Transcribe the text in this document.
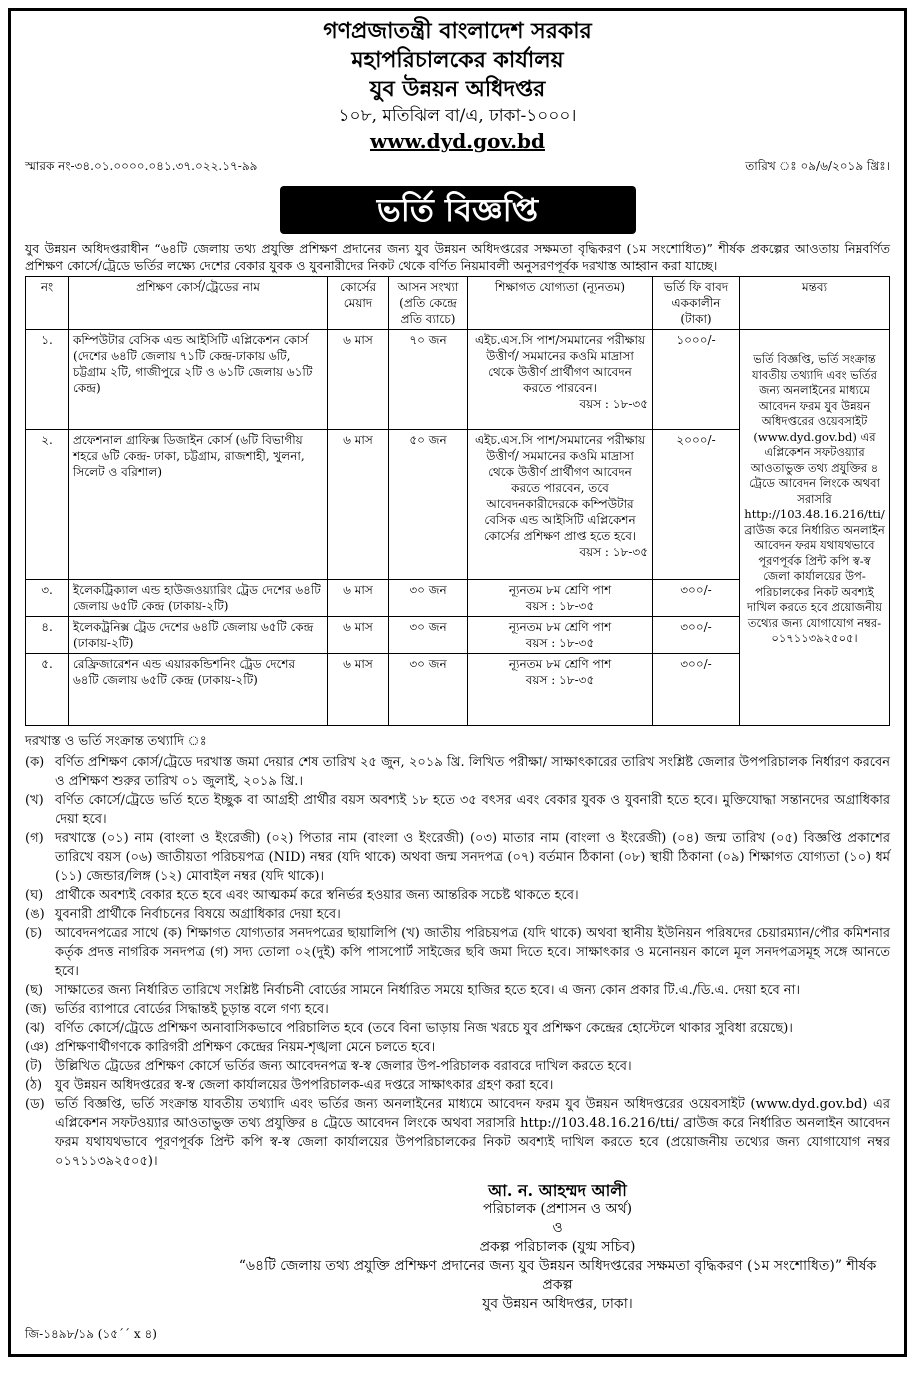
গণপ্রজাতন্ত্রী বাংলাদেশ সরকার
মহাপরিচালকের কার্যালয়
যুব উন্নয়ন অধিদপ্তর
১০৮, মতিঝিল বা/এ, ঢাকা-১০০০।
www.dyd.gov.bd
স্মারক নং-৩৪.০১.০০০০.০৪১.৩৭.০২২.১৭-৯৯	তারিখ ঃ ০৯/৬/২০১৯ খ্রিঃ।
ভর্তি বিজ্ঞপ্তি
যুব উন্নয়ন অধিদপ্তরাধীন “৬৪টি জেলায় তথ্য প্রযুক্তি প্রশিক্ষণ প্রদানের জন্য যুব উন্নয়ন অধিদপ্তরের সক্ষমতা বৃদ্ধিকরণ (১ম সংশোধিত)” শীর্ষক প্রকল্পের আওতায় নিম্নবর্ণিত প্রশিক্ষণ কোর্সে/ট্রেডে ভর্তির লক্ষ্যে দেশের বেকার যুবক ও যুবনারীদের নিকট থেকে বর্ণিত নিয়মাবলী অনুসরণপূর্বক দরখাস্ত আহ্বান করা যাচ্ছে।
নং	প্রশিক্ষণ কোর্স/ট্রেডের নাম	কোর্সের মেয়াদ	আসন সংখ্যা (প্রতি কেন্দ্রে প্রতি ব্যাচে)	শিক্ষাগত যোগ্যতা (ন্যূনতম)	ভর্তি ফি বাবদ এককালীন (টাকা)	মন্তব্য
১.	কম্পিউটার বেসিক এন্ড আইসিটি এপ্লিকেশন কোর্স (দেশের ৬৪টি জেলায় ৭১টি কেন্দ্র-ঢাকায় ৬টি, চট্টগ্রাম ২টি, গাজীপুরে ২টি ও ৬১টি জেলায় ৬১টি কেন্দ্র)	৬ মাস	৭০ জন	এইচ.এস.সি পাশ/সমমানের পরীক্ষায় উত্তীর্ণ/ সমমানের কওমি মাদ্রাসা থেকে উত্তীর্ণ প্রার্থীগণ আবেদন করতে পারবেন।
বয়স : ১৮-৩৫	১০০০/-	ভর্তি বিজ্ঞপ্তি, ভর্তি সংক্রান্ত যাবতীয় তথ্যাদি এবং ভর্তির জন্য অনলাইনের মাধ্যমে আবেদন ফরম যুব উন্নয়ন অধিদপ্তরের ওয়েবসাইট (www.dyd.gov.bd) এর এপ্লিকেশন সফটওয়্যার আওতাভুক্ত তথ্য প্রযুক্তির ৪ ট্রেডে আবেদন লিংকে অথবা সরাসরি http://103.48.16.216/tti/ ব্রাউজ করে নির্ধারিত অনলাইন আবেদন ফরম যথাযথভাবে পূরণপূর্বক প্রিন্ট কপি স্ব-স্ব জেলা কার্যালয়ের উপ-পরিচালকের নিকট অবশ্যই দাখিল করতে হবে প্রয়োজনীয় তথ্যের জন্য যোগাযোগ নম্বর- ০১৭১১৩৯২৫০৫।
২.	প্রফেশনাল গ্রাফিক্স ডিজাইন কোর্স (৬টি বিভাগীয় শহরে ৬টি কেন্দ্র- ঢাকা, চট্টগ্রাম, রাজশাহী, খুলনা, সিলেট ও বরিশাল)	৬ মাস	৫০ জন	এইচ.এস.সি পাশ/সমমানের পরীক্ষায় উত্তীর্ণ/ সমমানের কওমি মাদ্রাসা থেকে উত্তীর্ণ প্রার্থীগণ আবেদন করতে পারবেন, তবে আবেদনকারীদেরকে কম্পিউটার বেসিক এন্ড আইসিটি এপ্লিকেশন কোর্সের প্রশিক্ষণ প্রাপ্ত হতে হবে।
বয়স : ১৮-৩৫	২০০০/-	
৩.	ইলেকট্রিক্যাল এন্ড হাউজওয়্যারিং ট্রেড দেশের ৬৪টি জেলায় ৬৫টি কেন্দ্র (ঢাকায়-২টি)	৬ মাস	৩০ জন	ন্যূনতম ৮ম শ্রেণি পাশ
বয়স : ১৮-৩৫	৩০০/-	
৪.	ইলেকট্রনিক্স ট্রেড দেশের ৬৪টি জেলায় ৬৫টি কেন্দ্র (ঢাকায়-২টি)	৬ মাস	৩০ জন	ন্যূনতম ৮ম শ্রেণি পাশ
বয়স : ১৮-৩৫	৩০০/-	
৫.	রেফ্রিজারেশন এন্ড এয়ারকন্ডিশনিং ট্রেড দেশের ৬৪টি জেলায় ৬৫টি কেন্দ্র (ঢাকায়-২টি)	৬ মাস	৩০ জন	ন্যূনতম ৮ম শ্রেণি পাশ
বয়স : ১৮-৩৫	৩০০/-	
দরখাস্ত ও ভর্তি সংক্রান্ত তথ্যাদি ঃ
(ক) বর্ণিত প্রশিক্ষণ কোর্স/ট্রেডে দরখাস্ত জমা দেয়ার শেষ তারিখ ২৫ জুন, ২০১৯ খ্রি. লিখিত পরীক্ষা/ সাক্ষাৎকারের তারিখ সংশ্লিষ্ট জেলার উপপরিচালক নির্ধারণ করবেন ও প্রশিক্ষণ শুরুর তারিখ ০১ জুলাই, ২০১৯ খ্রি.।
(খ) বর্ণিত কোর্সে/ট্রেডে ভর্তি হতে ইচ্ছুক বা আগ্রহী প্রার্থীর বয়স অবশ্যই ১৮ হতে ৩৫ বৎসর এবং বেকার যুবক ও যুবনারী হতে হবে। মুক্তিযোদ্ধা সন্তানদের অগ্রাধিকার দেয়া হবে।
(গ) দরখাস্তে (০১) নাম (বাংলা ও ইংরেজী) (০২) পিতার নাম (বাংলা ও ইংরেজী) (০৩) মাতার নাম (বাংলা ও ইংরেজী) (০৪) জন্ম তারিখ (০৫) বিজ্ঞপ্তি প্রকাশের তারিখে বয়স (০৬) জাতীয়তা পরিচয়পত্র (NID) নম্বর (যদি থাকে) অথবা জন্ম সনদপত্র (০৭) বর্তমান ঠিকানা (০৮) স্থায়ী ঠিকানা (০৯) শিক্ষাগত যোগ্যতা (১০) ধর্ম (১১) জেন্ডার/লিঙ্গ (১২) মোবাইল নম্বর (যদি থাকে)।
(ঘ) প্রার্থীকে অবশ্যই বেকার হতে হবে এবং আত্মকর্ম করে স্বনির্ভর হওয়ার জন্য আন্তরিক সচেষ্ট থাকতে হবে।
(ঙ) যুবনারী প্রার্থীকে নির্বাচনের বিষয়ে অগ্রাধিকার দেয়া হবে।
(চ) আবেদনপত্রের সাথে (ক) শিক্ষাগত যোগ্যতার সনদপত্রের ছায়ালিপি (খ) জাতীয় পরিচয়পত্র (যদি থাকে) অথবা স্থানীয় ইউনিয়ন পরিষদের চেয়ারম্যান/পৌর কমিশনার কর্তৃক প্রদত্ত নাগরিক সনদপত্র (গ) সদ্য তোলা ০২(দুই) কপি পাসপোর্ট সাইজের ছবি জমা দিতে হবে। সাক্ষাৎকার ও মনোনয়ন কালে মূল সনদপত্রসমূহ সঙ্গে আনতে হবে।
(ছ) সাক্ষাতের জন্য নির্ধারিত তারিখে সংশ্লিষ্ট নির্বাচনী বোর্ডের সামনে নির্ধারিত সময়ে হাজির হতে হবে। এ জন্য কোন প্রকার টি.এ./ডি.এ. দেয়া হবে না।
(জ) ভর্তির ব্যাপারে বোর্ডের সিদ্ধান্তই চূড়ান্ত বলে গণ্য হবে।
(ঝ) বর্ণিত কোর্সে/ট্রেডে প্রশিক্ষণ অনাবাসিকভাবে পরিচালিত হবে (তবে বিনা ভাড়ায় নিজ খরচে যুব প্রশিক্ষণ কেন্দ্রের হোস্টেলে থাকার সুবিধা রয়েছে)।
(ঞ) প্রশিক্ষণার্থীগণকে কারিগরী প্রশিক্ষণ কেন্দ্রের নিয়ম-শৃঙ্খলা মেনে চলতে হবে।
(ট) উল্লিখিত ট্রেডের প্রশিক্ষণ কোর্সে ভর্তির জন্য আবেদনপত্র স্ব-স্ব জেলার উপ-পরিচালক বরাবরে দাখিল করতে হবে।
(ঠ) যুব উন্নয়ন অধিদপ্তরের স্ব-স্ব জেলা কার্যালয়ের উপপরিচালক-এর দপ্তরে সাক্ষাৎকার গ্রহণ করা হবে।
(ড) ভর্তি বিজ্ঞপ্তি, ভর্তি সংক্রান্ত যাবতীয় তথ্যাদি এবং ভর্তির জন্য অনলাইনের মাধ্যমে আবেদন ফরম যুব উন্নয়ন অধিদপ্তরের ওয়েবসাইট (www.dyd.gov.bd) এর এপ্লিকেশন সফটওয়্যার আওতাভুক্ত তথ্য প্রযুক্তির ৪ ট্রেডে আবেদন লিংকে অথবা সরাসরি http://103.48.16.216/tti/ ব্রাউজ করে নির্ধারিত অনলাইন আবেদন ফরম যথাযথভাবে পূরণপূর্বক প্রিন্ট কপি স্ব-স্ব জেলা কার্যালয়ের উপপরিচালকের নিকট অবশ্যই দাখিল করতে হবে (প্রয়োজনীয় তথ্যের জন্য যোগাযোগ নম্বর ০১৭১১৩৯২৫০৫)।
আ. ন. আহম্মদ আলী
পরিচালক (প্রশাসন ও অর্থ)
ও
প্রকল্প পরিচালক (যুগ্ম সচিব)
“৬৪টি জেলায় তথ্য প্রযুক্তি প্রশিক্ষণ প্রদানের জন্য যুব উন্নয়ন অধিদপ্তরের সক্ষমতা বৃদ্ধিকরণ (১ম সংশোধিত)” শীর্ষক প্রকল্প
যুব উন্নয়ন অধিদপ্তর, ঢাকা।
জি-১৪৯৮/১৯ (১৫´´ x ৪)
